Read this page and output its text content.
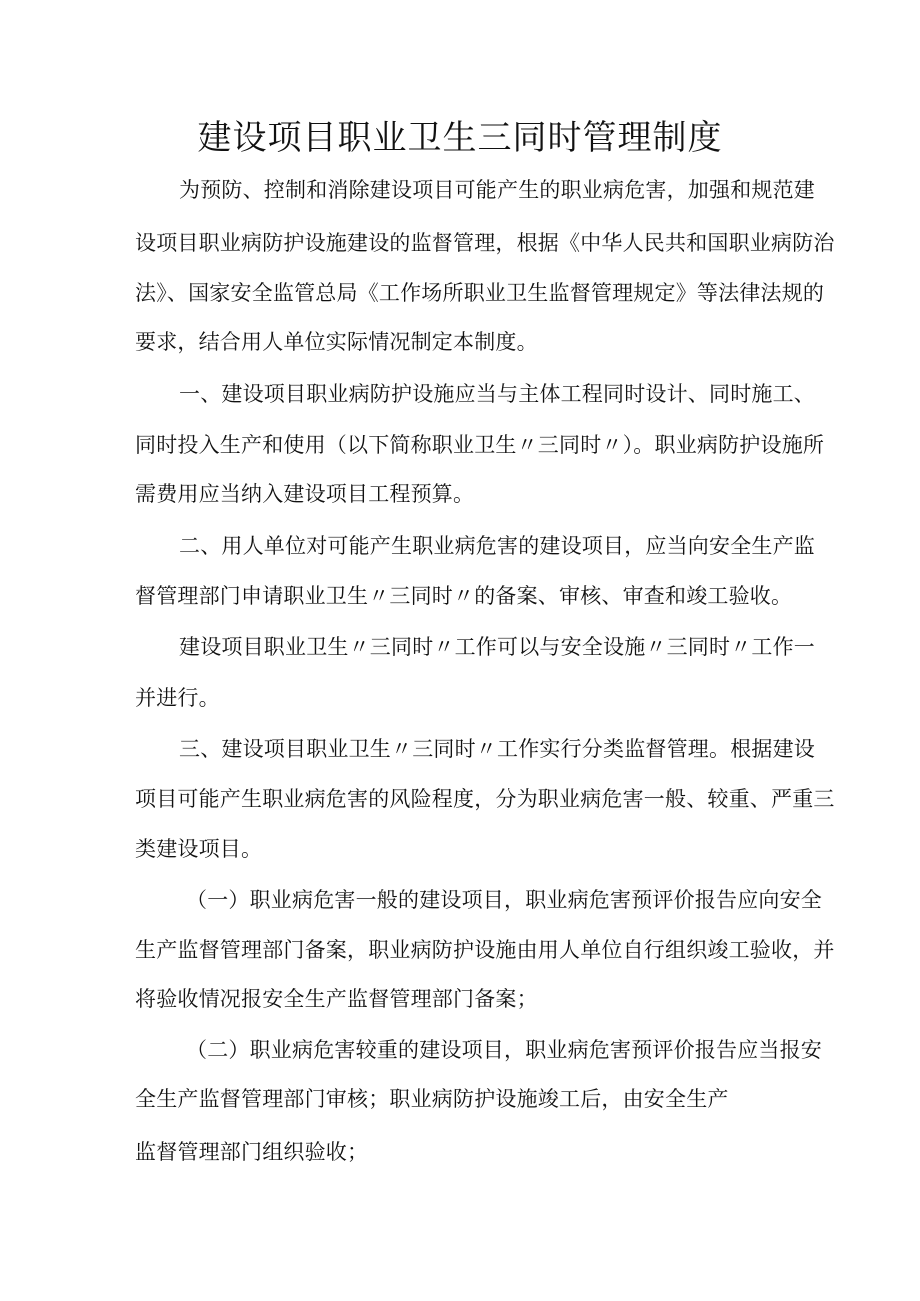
建设项目职业卫生三同时管理制度
为预防、控制和消除建设项目可能产生的职业病危害，加强和规范建
设项目职业病防护设施建设的监督管理，根据《中华人民共和国职业病防治
法》、国家安全监管总局《工作场所职业卫生监督管理规定》等法律法规的
要求，结合用人单位实际情况制定本制度。
一、建设项目职业病防护设施应当与主体工程同时设计、同时施工、
同时投入生产和使用（以下简称职业卫生〃三同时〃）。职业病防护设施所
需费用应当纳入建设项目工程预算。
二、用人单位对可能产生职业病危害的建设项目，应当向安全生产监
督管理部门申请职业卫生〃三同时〃的备案、审核、审查和竣工验收。
建设项目职业卫生〃三同时〃工作可以与安全设施〃三同时〃工作一
并进行。
三、建设项目职业卫生〃三同时〃工作实行分类监督管理。根据建设
项目可能产生职业病危害的风险程度，分为职业病危害一般、较重、严重三
类建设项目。
（一）职业病危害一般的建设项目，职业病危害预评价报告应向安全
生产监督管理部门备案，职业病防护设施由用人单位自行组织竣工验收，并
将验收情况报安全生产监督管理部门备案；
（二）职业病危害较重的建设项目，职业病危害预评价报告应当报安
全生产监督管理部门审核；职业病防护设施竣工后，由安全生产
监督管理部门组织验收；
